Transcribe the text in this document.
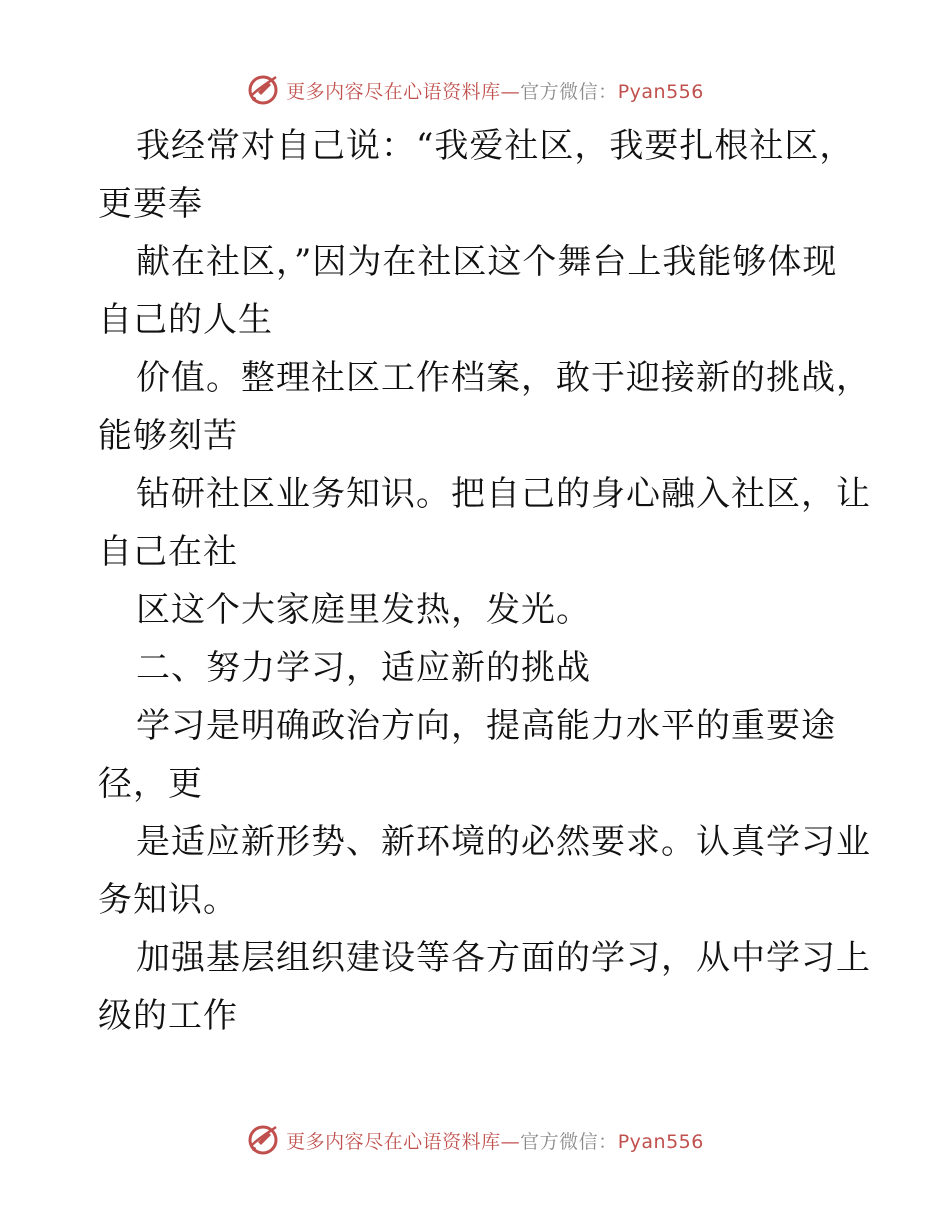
更多内容尽在心语资料库—官方微信：Pyan556
我经常对自己说：“我爱社区，我要扎根社区，
更要奉
献在社区，”因为在社区这个舞台上我能够体现
自己的人生
价值。整理社区工作档案，敢于迎接新的挑战，
能够刻苦
钻研社区业务知识。把自己的身心融入社区，让
自己在社
区这个大家庭里发热，发光。
二、努力学习，适应新的挑战
学习是明确政治方向，提高能力水平的重要途
径，更
是适应新形势、新环境的必然要求。认真学习业
务知识。
加强基层组织建设等各方面的学习，从中学习上
级的工作
更多内容尽在心语资料库—官方微信：Pyan556
